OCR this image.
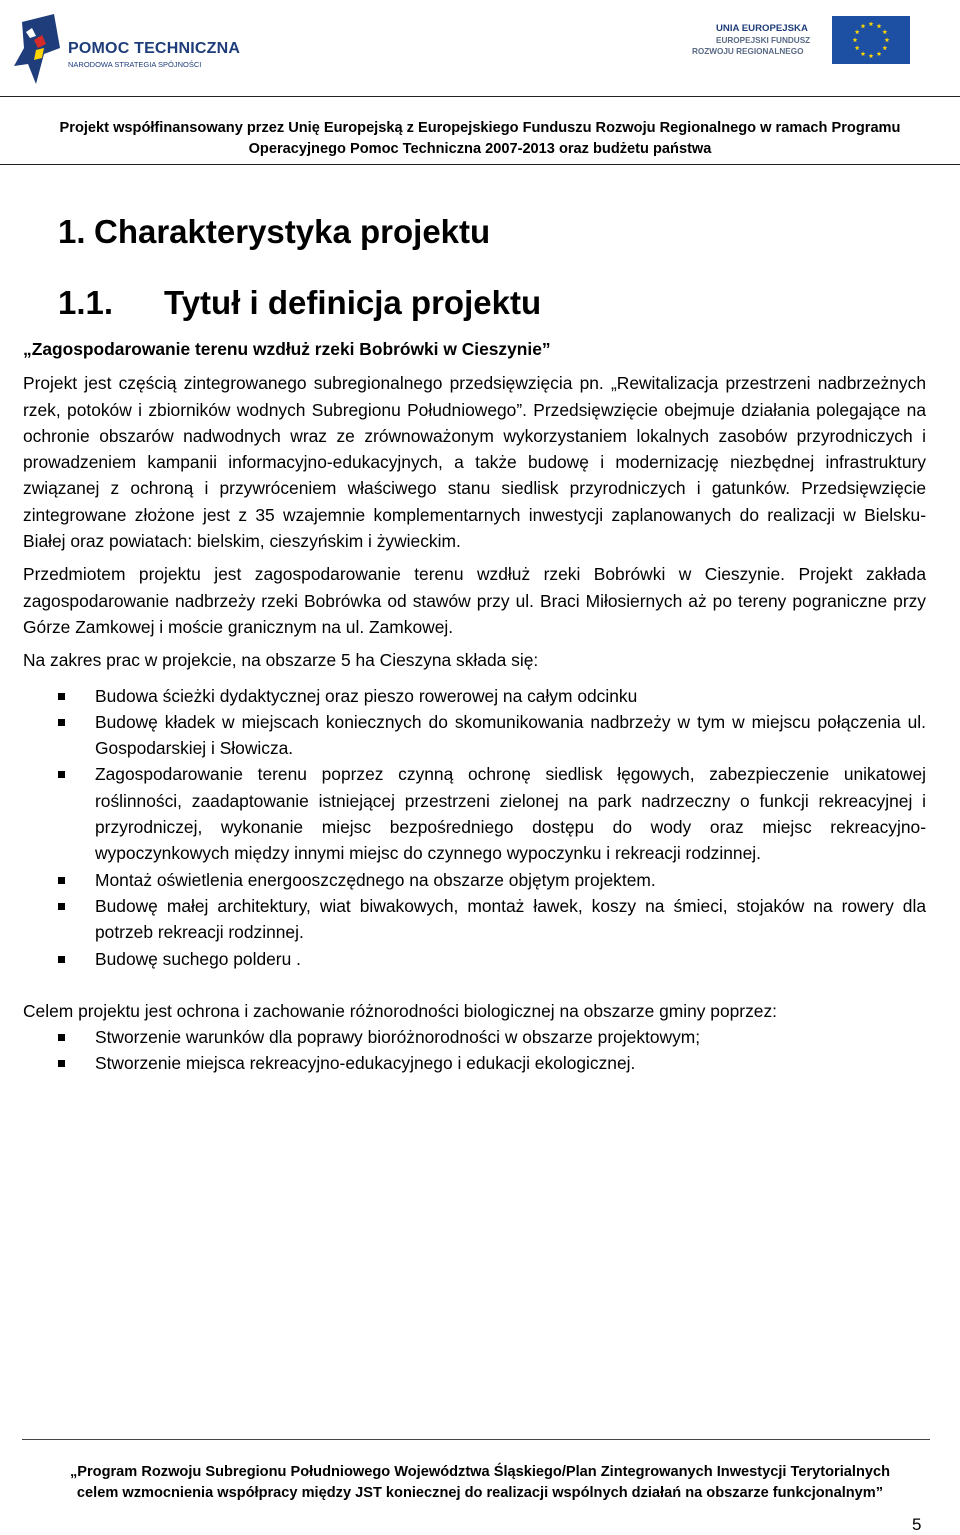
POMOC TECHNICZNA
NARODOWA STRATEGIA SPÓJNOŚCI
UNIA EUROPEJSKA
EUROPEJSKI FUNDUSZ
ROZWOJU REGIONALNEGO
Projekt współfinansowany przez Unię Europejską z Europejskiego Funduszu Rozwoju Regionalnego w ramach Programu
Operacyjnego Pomoc Techniczna 2007-2013 oraz budżetu państwa
1. Charakterystyka projektu
1.1. Tytuł i definicja projektu

„Zagospodarowanie terenu wzdłuż rzeki Bobrówki w Cieszynie”

Projekt jest częścią zintegrowanego subregionalnego przedsięwzięcia pn. „Rewitalizacja przestrzeni nadbrzeżnych rzek, potoków i zbiorników wodnych Subregionu Południowego”. Przedsięwzięcie obejmuje działania polegające na ochronie obszarów nadwodnych wraz ze zrównoważonym wykorzystaniem lokalnych zasobów przyrodniczych i prowadzeniem kampanii informacyjno-edukacyjnych, a także budowę i modernizację niezbędnej infrastruktury związanej z ochroną i przywróceniem właściwego stanu siedlisk przyrodniczych i gatunków. Przedsięwzięcie zintegrowane złożone jest z 35 wzajemnie komplementarnych inwestycji zaplanowanych do realizacji w Bielsku-Białej oraz powiatach: bielskim, cieszyńskim i żywieckim.

Przedmiotem projektu jest zagospodarowanie terenu wzdłuż rzeki Bobrówki w Cieszynie. Projekt zakłada zagospodarowanie nadbrzeży rzeki Bobrówka od stawów przy ul. Braci Miłosiernych aż po tereny pograniczne przy Górze Zamkowej i moście granicznym na ul. Zamkowej.

Na zakres prac w projekcie, na obszarze 5 ha Cieszyna składa się:

Budowa ścieżki dydaktycznej oraz pieszo rowerowej na całym odcinku
Budowę kładek w miejscach koniecznych do skomunikowania nadbrzeży w tym w miejscu połączenia ul. Gospodarskiej i Słowicza.
Zagospodarowanie terenu poprzez czynną ochronę siedlisk łęgowych, zabezpieczenie unikatowej roślinności, zaadaptowanie istniejącej przestrzeni zielonej na park nadrzeczny o funkcji rekreacyjnej i przyrodniczej, wykonanie miejsc bezpośredniego dostępu do wody oraz miejsc rekreacyjno-wypoczynkowych między innymi miejsc do czynnego wypoczynku i rekreacji rodzinnej.
Montaż oświetlenia energooszczędnego na obszarze objętym projektem.
Budowę małej architektury, wiat biwakowych, montaż ławek, koszy na śmieci, stojaków na rowery dla potrzeb rekreacji rodzinnej.
Budowę suchego polderu .

Celem projektu jest ochrona i zachowanie różnorodności biologicznej na obszarze gminy poprzez:

Stworzenie warunków dla poprawy bioróżnorodności w obszarze projektowym;
Stworzenie miejsca rekreacyjno-edukacyjnego i edukacji ekologicznej.
„Program Rozwoju Subregionu Południowego Województwa Śląskiego/Plan Zintegrowanych Inwestycji Terytorialnych
celem wzmocnienia współpracy między JST koniecznej do realizacji wspólnych działań na obszarze funkcjonalnym”
5
